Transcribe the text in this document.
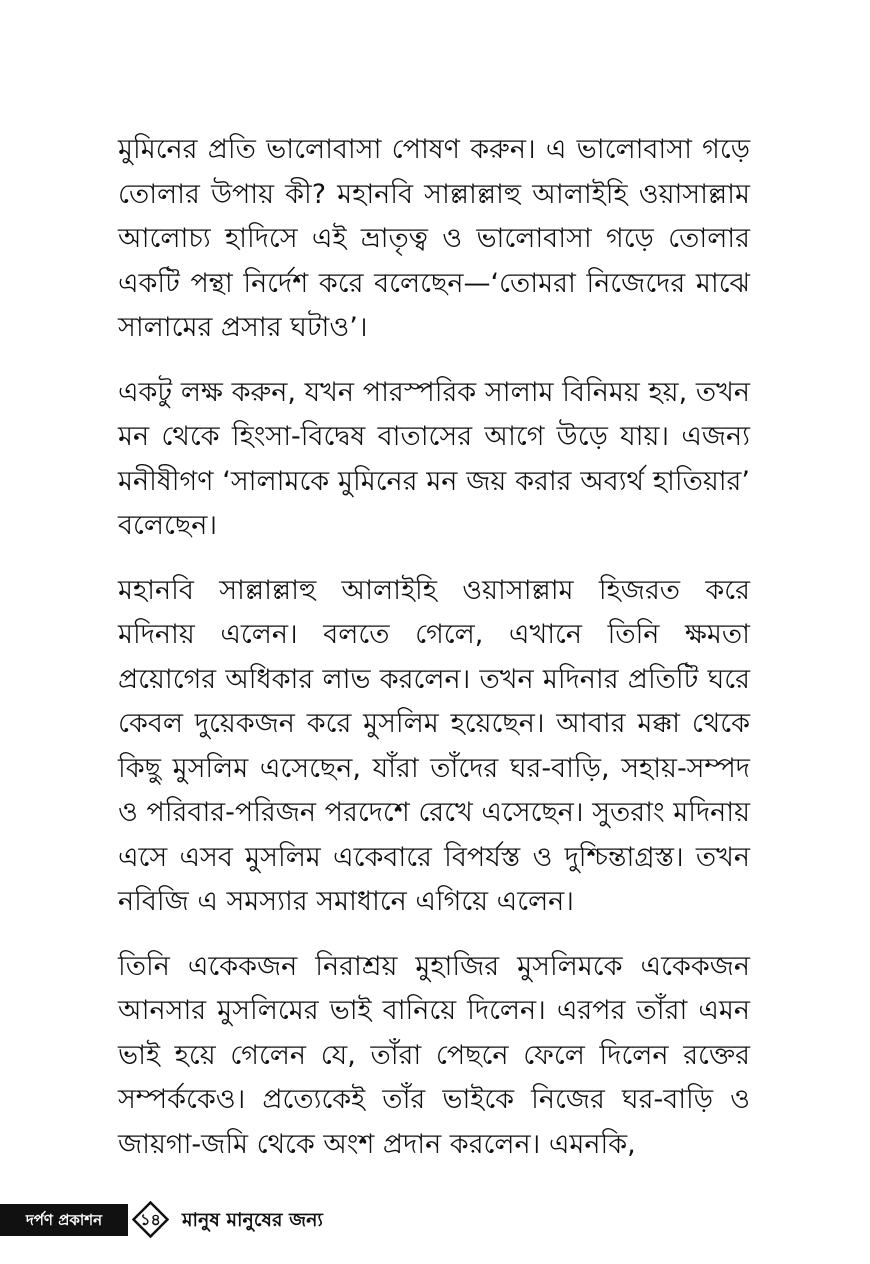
মুমিনের প্রতি ভালোবাসা পোষণ করুন। এ ভালোবাসা গড়ে তোলার উপায় কী? মহানবি সাল্লাল্লাহু আলাইহি ওয়াসাল্লাম আলোচ্য হাদিসে এই ভ্রাতৃত্ব ও ভালোবাসা গড়ে তোলার একটি পন্থা নির্দেশ করে বলেছেন—‘তোমরা নিজেদের মাঝে সালামের প্রসার ঘটাও’।

একটু লক্ষ করুন, যখন পারস্পরিক সালাম বিনিময় হয়, তখন মন থেকে হিংসা-বিদ্বেষ বাতাসের আগে উড়ে যায়। এজন্য মনীষীগণ ‘সালামকে মুমিনের মন জয় করার অব্যর্থ হাতিয়ার’ বলেছেন।

মহানবি সাল্লাল্লাহু আলাইহি ওয়াসাল্লাম হিজরত করে মদিনায় এলেন। বলতে গেলে, এখানে তিনি ক্ষমতা প্রয়োগের অধিকার লাভ করলেন। তখন মদিনার প্রতিটি ঘরে কেবল দুয়েকজন করে মুসলিম হয়েছেন। আবার মক্কা থেকে কিছু মুসলিম এসেছেন, যাঁরা তাঁদের ঘর-বাড়ি, সহায়-সম্পদ ও পরিবার-পরিজন পরদেশে রেখে এসেছেন। সুতরাং মদিনায় এসে এসব মুসলিম একেবারে বিপর্যস্ত ও দুশ্চিন্তাগ্রস্ত। তখন নবিজি এ সমস্যার সমাধানে এগিয়ে এলেন।

তিনি একেকজন নিরাশ্রয় মুহাজির মুসলিমকে একেকজন আনসার মুসলিমের ভাই বানিয়ে দিলেন। এরপর তাঁরা এমন ভাই হয়ে গেলেন যে, তাঁরা পেছনে ফেলে দিলেন রক্তের সম্পর্ককেও। প্রত্যেকেই তাঁর ভাইকে নিজের ঘর-বাড়ি ও জায়গা-জমি থেকে অংশ প্রদান করলেন। এমনকি,

দর্পণ প্রকাশন	১৪	মানুষ মানুষের জন্য
